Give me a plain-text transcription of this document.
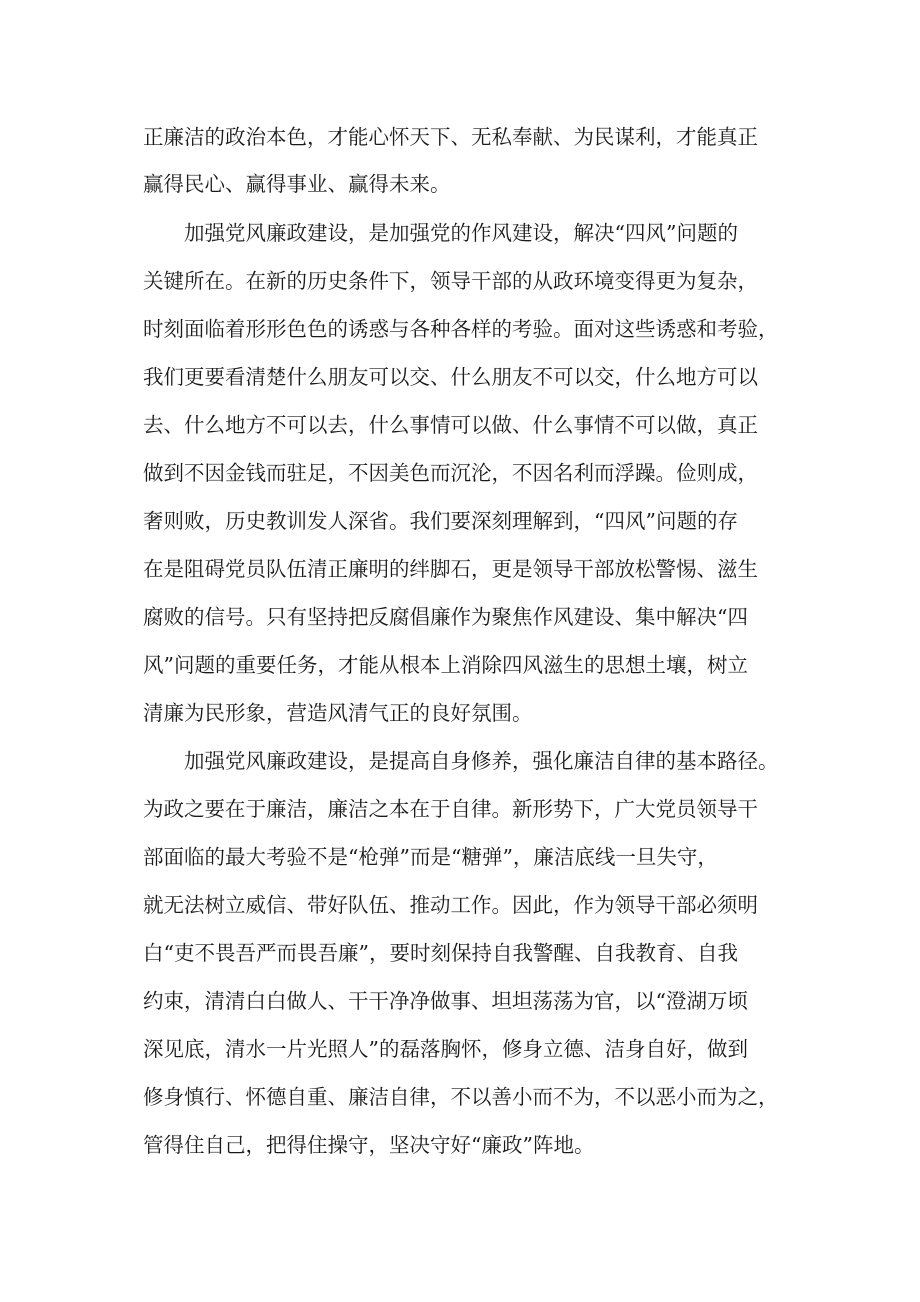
正廉洁的政治本色，才能心怀天下、无私奉献、为民谋利，才能真正

赢得民心、赢得事业、赢得未来。

加强党风廉政建设，是加强党的作风建设，解决“四风”问题的

关键所在。在新的历史条件下，领导干部的从政环境变得更为复杂，

时刻面临着形形色色的诱惑与各种各样的考验。面对这些诱惑和考验，

我们更要看清楚什么朋友可以交、什么朋友不可以交，什么地方可以

去、什么地方不可以去，什么事情可以做、什么事情不可以做，真正

做到不因金钱而驻足，不因美色而沉沦，不因名利而浮躁。俭则成，

奢则败，历史教训发人深省。我们要深刻理解到，“四风”问题的存

在是阻碍党员队伍清正廉明的绊脚石，更是领导干部放松警惕、滋生

腐败的信号。只有坚持把反腐倡廉作为聚焦作风建设、集中解决“四

风”问题的重要任务，才能从根本上消除四风滋生的思想土壤，树立

清廉为民形象，营造风清气正的良好氛围。

加强党风廉政建设，是提高自身修养，强化廉洁自律的基本路径。

为政之要在于廉洁，廉洁之本在于自律。新形势下，广大党员领导干

部面临的最大考验不是“枪弹”而是“糖弹”，廉洁底线一旦失守，

就无法树立威信、带好队伍、推动工作。因此，作为领导干部必须明

白“吏不畏吾严而畏吾廉”，要时刻保持自我警醒、自我教育、自我

约束，清清白白做人、干干净净做事、坦坦荡荡为官，以“澄湖万顷

深见底，清水一片光照人”的磊落胸怀，修身立德、洁身自好，做到

修身慎行、怀德自重、廉洁自律，不以善小而不为，不以恶小而为之，

管得住自己，把得住操守，坚决守好“廉政”阵地。
